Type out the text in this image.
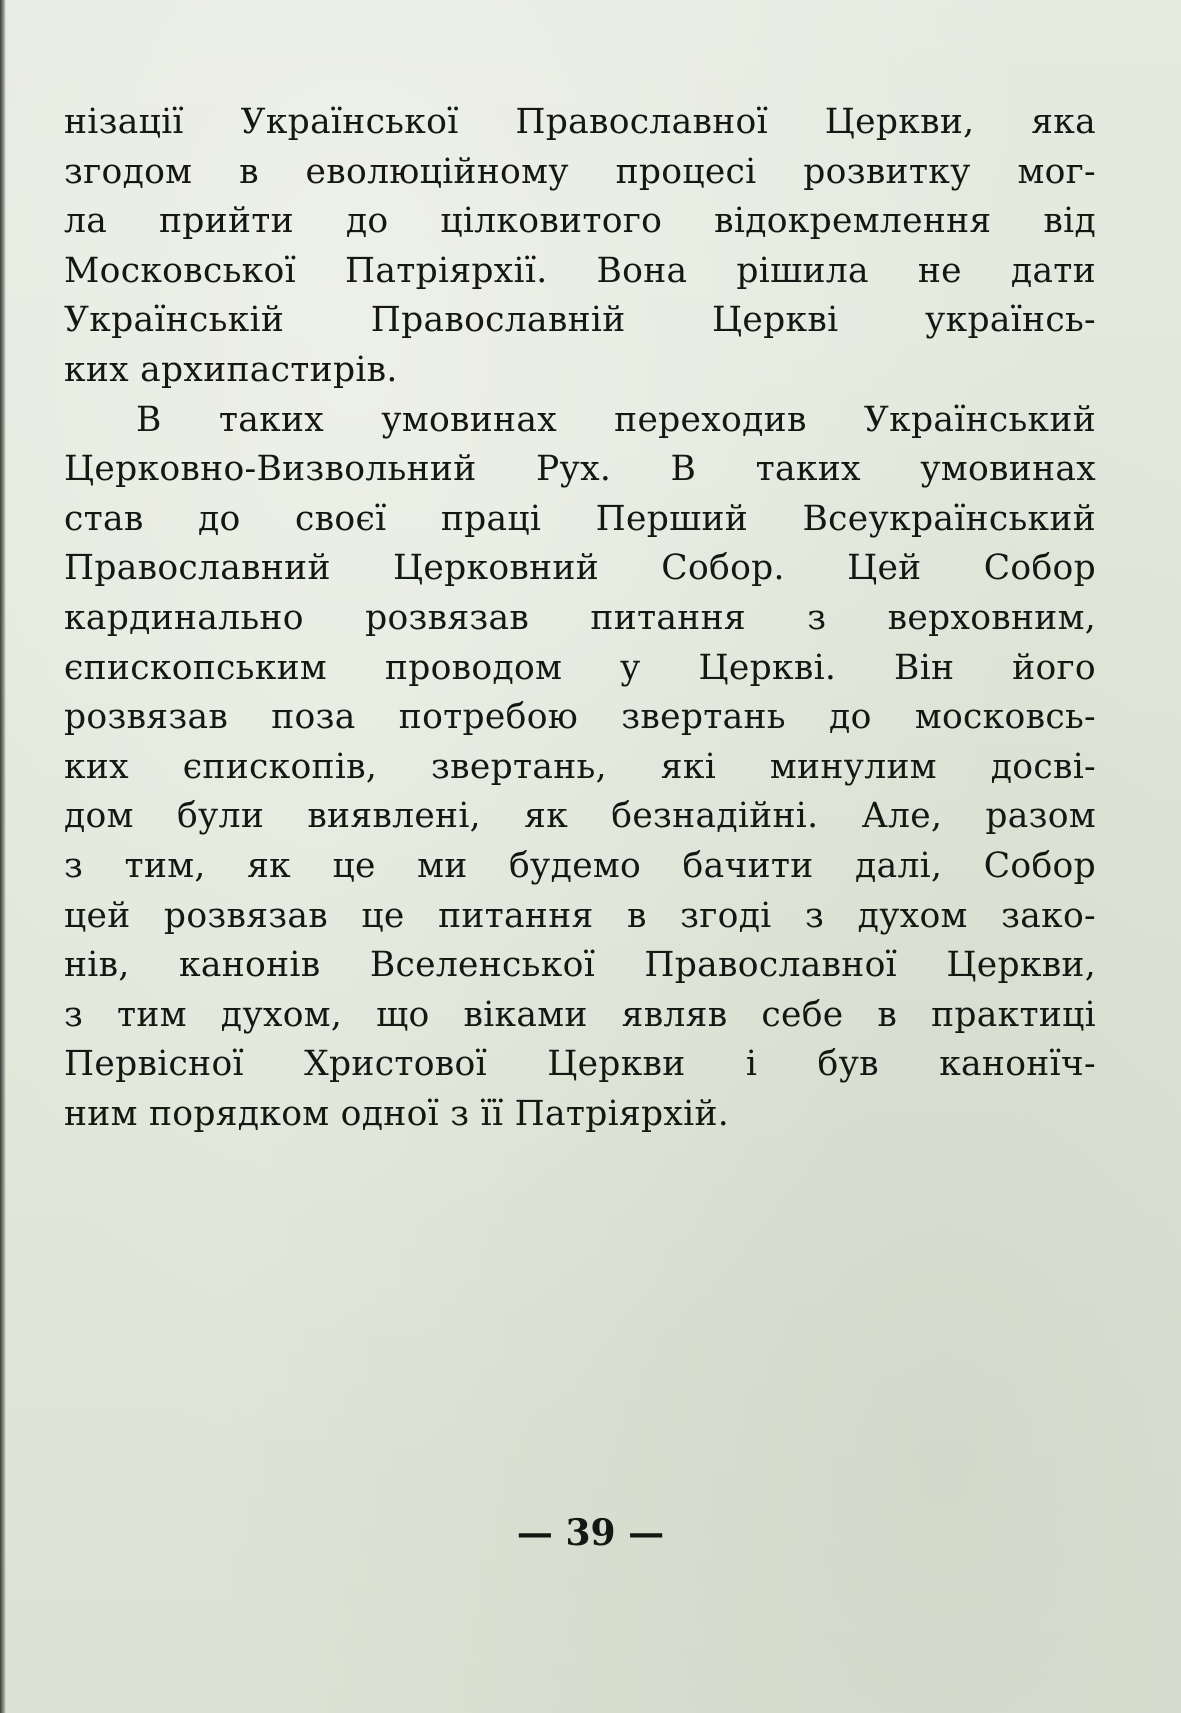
нізації Української Православної Церкви, яка
згодом в еволюційному процесі розвитку мог-
ла прийти до цілковитого відокремлення від
Московської Патріярхії. Вона рішила не дати
Українській Православній Церкві українсь-
ких архипастирів.
В таких умовинах переходив Український
Церковно-Визвольний Рух. В таких умовинах
став до своєї праці Перший Всеукраїнський
Православний Церковний Собор. Цей Собор
кардинально розвязав питання з верховним,
єпископським проводом у Церкві. Він його
розвязав поза потребою звертань до московсь-
ких єпископів, звертань, які минулим досві-
дом були виявлені, як безнадійні. Але, разом
з тим, як це ми будемо бачити далі, Собор
цей розвязав це питання в згоді з духом зако-
нів, канонів Вселенської Православної Церкви,
з тим духом, що віками являв себе в практиці
Первісної Христової Церкви і був канонїч-
ним порядком одної з її Патріярхій.
— 39 —
